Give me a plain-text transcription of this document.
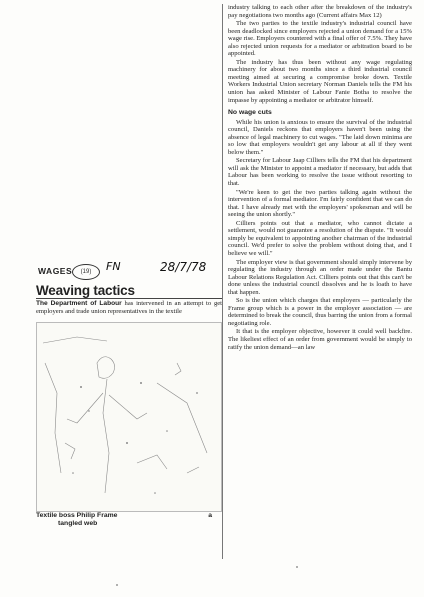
industry talking to each other after the breakdown of the industry's pay negotiations two months ago (Current affairs Max 12)

The two parties to the textile industry's industrial council have been deadlocked since employers rejected a union demand for a 15% wage rise. Employers countered with a final offer of 7.5%. They have also rejected union requests for a mediator or arbitration board to be appointed.

The industry has thus been without any wage regulating machinery for about two months since a third industrial council meeting aimed at securing a compromise broke down. Textile Workers Industrial Union secretary Norman Daniels tells the FM his union has asked Minister of Labour Fanie Botha to resolve the impasse by appointing a mediator or arbitrator himself.

No wage cuts

While his union is anxious to ensure the survival of the industrial council, Daniels reckons that employers haven't been using the absence of legal machinery to cut wages. "The laid down minima are so low that employers wouldn't get any labour at all if they went below them."

Secretary for Labour Jaap Cilliers tells the FM that his department will ask the Minister to appoint a mediator if necessary, but adds that Labour has been working to resolve the issue without resorting to that.

"We're keen to get the two parties talking again without the intervention of a formal mediator. I'm fairly confident that we can do that. I have already met with the employers' spokesman and will be seeing the union shortly."

Cilliers points out that a mediator, who cannot dictate a settlement, would not guarantee a resolution of the dispute. "It would simply be equivalent to appointing another chairman of the industrial council. We'd prefer to solve the problem without doing that, and I believe we will."

The employer view is that government should simply intervene by regulating the industry through an order made under the Bantu Labour Relations Regulation Act. Cilliers points out that this can't be done unless the industrial council dissolves and he is loath to have that happen.

So is the union which charges that employers — particularly the Frame group which is a power in the employer association — are determined to break the council, thus barring the union from a formal negotiating role.

It that is the employer objective, however it could well backfire. The likeliest effect of an order from government would be simply to ratify the union demand—an law

WAGES	(19)	FN	28/7/78
Weaving tactics
The Department of Labour has intervened in an attempt to get employers and trade union representatives in the textile
Textile boss Philip Frame	a
tangled web
